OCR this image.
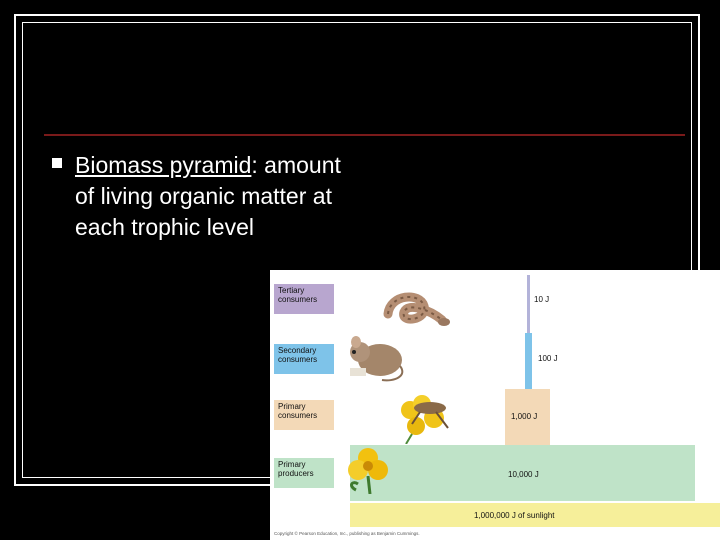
Biomass pyramid: amount of living organic matter at each trophic level
Tertiary consumers
Secondary consumers
Primary consumers
Primary producers
10 J
100 J
1,000 J
10,000 J
1,000,000 J of sunlight
Copyright © Pearson Education, Inc., publishing as Benjamin Cummings.
